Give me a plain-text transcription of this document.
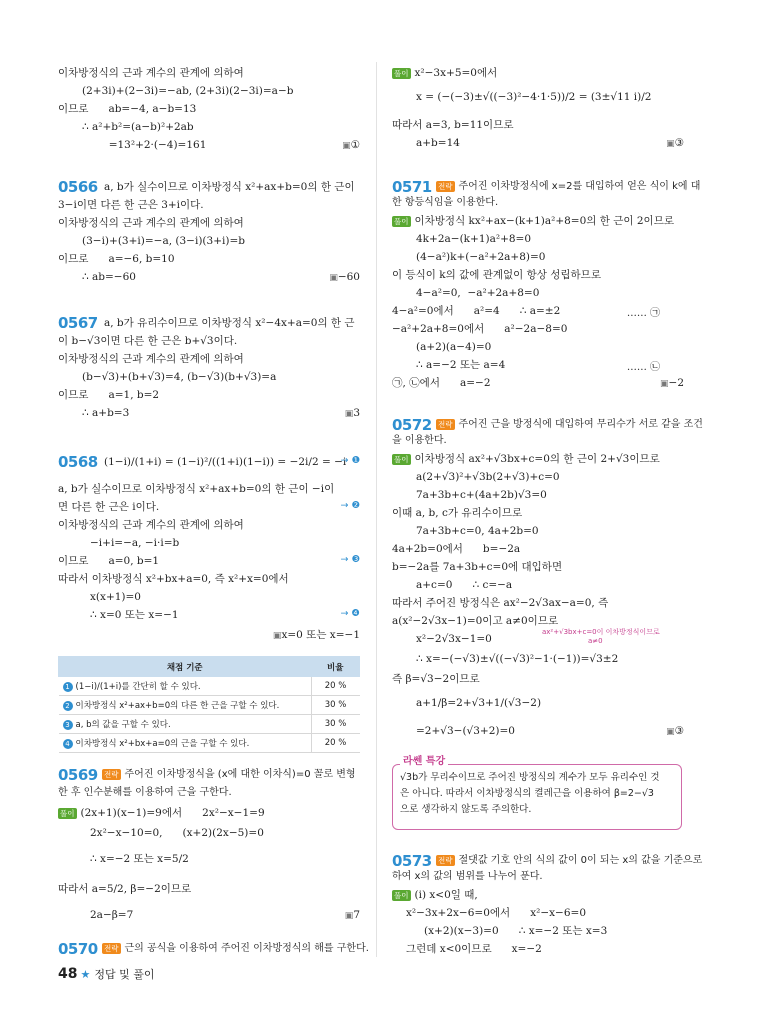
이차방정식의 근과 계수의 관계에 의하여
(2+3i)+(2−3i)=−ab, (2+3i)(2−3i)=a−b
이므로      ab=−4, a−b=13
∴ a²+b²=(a−b)²+2ab
=13²+2·(−4)=161	▣ ①
0566 a, b가 실수이므로 이차방정식 x²+ax+b=0의 한 근이
3−i이면 다른 한 근은 3+i이다.
이차방정식의 근과 계수의 관계에 의하여
(3−i)+(3+i)=−a, (3−i)(3+i)=b
이므로      a=−6, b=10
∴ ab=−60	▣ −60
0567 a, b가 유리수이므로 이차방정식 x²−4x+a=0의 한 근
이 b−√3이면 다른 한 근은 b+√3이다.
이차방정식의 근과 계수의 관계에 의하여
(b−√3)+(b+√3)=4, (b−√3)(b+√3)=a
이므로      a=1, b=2
∴ a+b=3	▣ 3
0568 (1−i)/(1+i) = (1−i)²/((1+i)(1−i)) = −2i/2 = −i
→ ❶
a, b가 실수이므로 이차방정식 x²+ax+b=0의 한 근이 −i이
면 다른 한 근은 i이다.	→ ❷
이차방정식의 근과 계수의 관계에 의하여
−i+i=−a, −i·i=b
이므로      a=0, b=1	→ ❸
따라서 이차방정식 x²+bx+a=0, 즉 x²+x=0에서
x(x+1)=0
∴ x=0 또는 x=−1	→ ❹
▣ x=0 또는 x=−1
채점 기준	비율
1 (1−i)/(1+i)를 간단히 할 수 있다.	20 %
2 이차방정식 x²+ax+b=0의 다른 한 근을 구할 수 있다.	30 %
3 a, b의 값을 구할 수 있다.	30 %
4 이차방정식 x²+bx+a=0의 근을 구할 수 있다.	20 %
0569 전략 주어진 이차방정식을 (x에 대한 이차식)=0 꼴로 변형
한 후 인수분해를 이용하여 근을 구한다.
풀이 (2x+1)(x−1)=9에서      2x²−x−1=9
2x²−x−10=0,      (x+2)(2x−5)=0
∴ x=−2 또는 x=5/2
따라서 a=5/2, β=−2이므로
2a−β=7	▣ 7
0570 전략 근의 공식을 이용하여 주어진 이차방정식의 해를 구한다.
풀이 x²−3x+5=0에서
x = (−(−3)±√((−3)²−4·1·5))/2 = (3±√11 i)/2
따라서 a=3, b=11이므로
a+b=14	▣ ③
0571 전략 주어진 이차방정식에 x=2를 대입하여 얻은 식이 k에 대
한 항등식임을 이용한다.
풀이 이차방정식 kx²+ax−(k+1)a²+8=0의 한 근이 2이므로
4k+2a−(k+1)a²+8=0
(4−a²)k+(−a²+2a+8)=0
이 등식이 k의 값에 관계없이 항상 성립하므로
4−a²=0,  −a²+2a+8=0
4−a²=0에서      a²=4      ∴ a=±2	…… ㉠
−a²+2a+8=0에서      a²−2a−8=0
(a+2)(a−4)=0
∴ a=−2 또는 a=4	…… ㉡
㉠, ㉡에서      a=−2	▣ −2
0572 전략 주어진 근을 방정식에 대입하여 무리수가 서로 같을 조건
을 이용한다.
풀이 이차방정식 ax²+√3bx+c=0의 한 근이 2+√3이므로
a(2+√3)²+√3b(2+√3)+c=0
7a+3b+c+(4a+2b)√3=0
이때 a, b, c가 유리수이므로
7a+3b+c=0, 4a+2b=0
4a+2b=0에서      b=−2a
b=−2a를 7a+3b+c=0에 대입하면
a+c=0      ∴ c=−a
따라서 주어진 방정식은 ax²−2√3ax−a=0, 즉
a(x²−2√3x−1)=0이고 a≠0이므로
ax²+√3bx+c=0이 이차방정식이므로
a≠0
x²−2√3x−1=0
∴ x=−(−√3)±√((−√3)²−1·(−1))=√3±2
즉 β=√3−2이므로
a+1/β=2+√3+1/(√3−2)
=2+√3−(√3+2)=0	▣ ③
라쎈 특강
√3b가 무리수이므로 주어진 방정식의 계수가 모두 유리수인 것
은 아니다. 따라서 이차방정식의 켤레근을 이용하여 β=2−√3
으로 생각하지 않도록 주의한다.
0573 전략 절댓값 기호 안의 식의 값이 0이 되는 x의 값을 기준으로
하여 x의 값의 범위를 나누어 푼다.
풀이 (i) x<0일 때,
x²−3x+2x−6=0에서      x²−x−6=0
(x+2)(x−3)=0      ∴ x=−2 또는 x=3
그런데 x<0이므로      x=−2
48 ★ 정답 및 풀이
